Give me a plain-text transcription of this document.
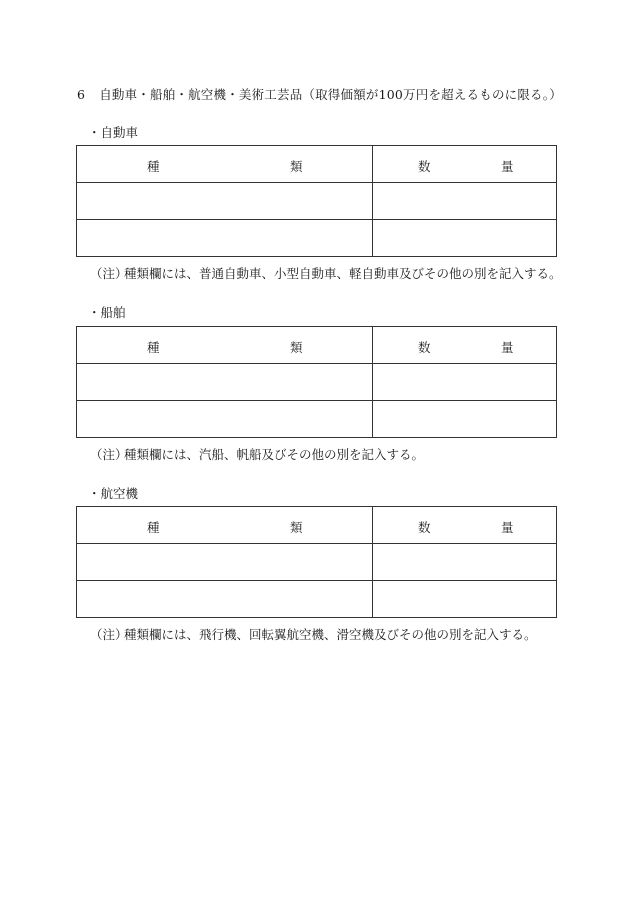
6 自動車・船舶・航空機・美術工芸品（取得価額が100万円を超えるものに限る。）
・自動車
種 類	数 量

（注）種類欄には、普通自動車、小型自動車、軽自動車及びその他の別を記入する。
・船舶
種 類	数 量

（注）種類欄には、汽船、帆船及びその他の別を記入する。
・航空機
種 類	数 量

（注）種類欄には、飛行機、回転翼航空機、滑空機及びその他の別を記入する。
